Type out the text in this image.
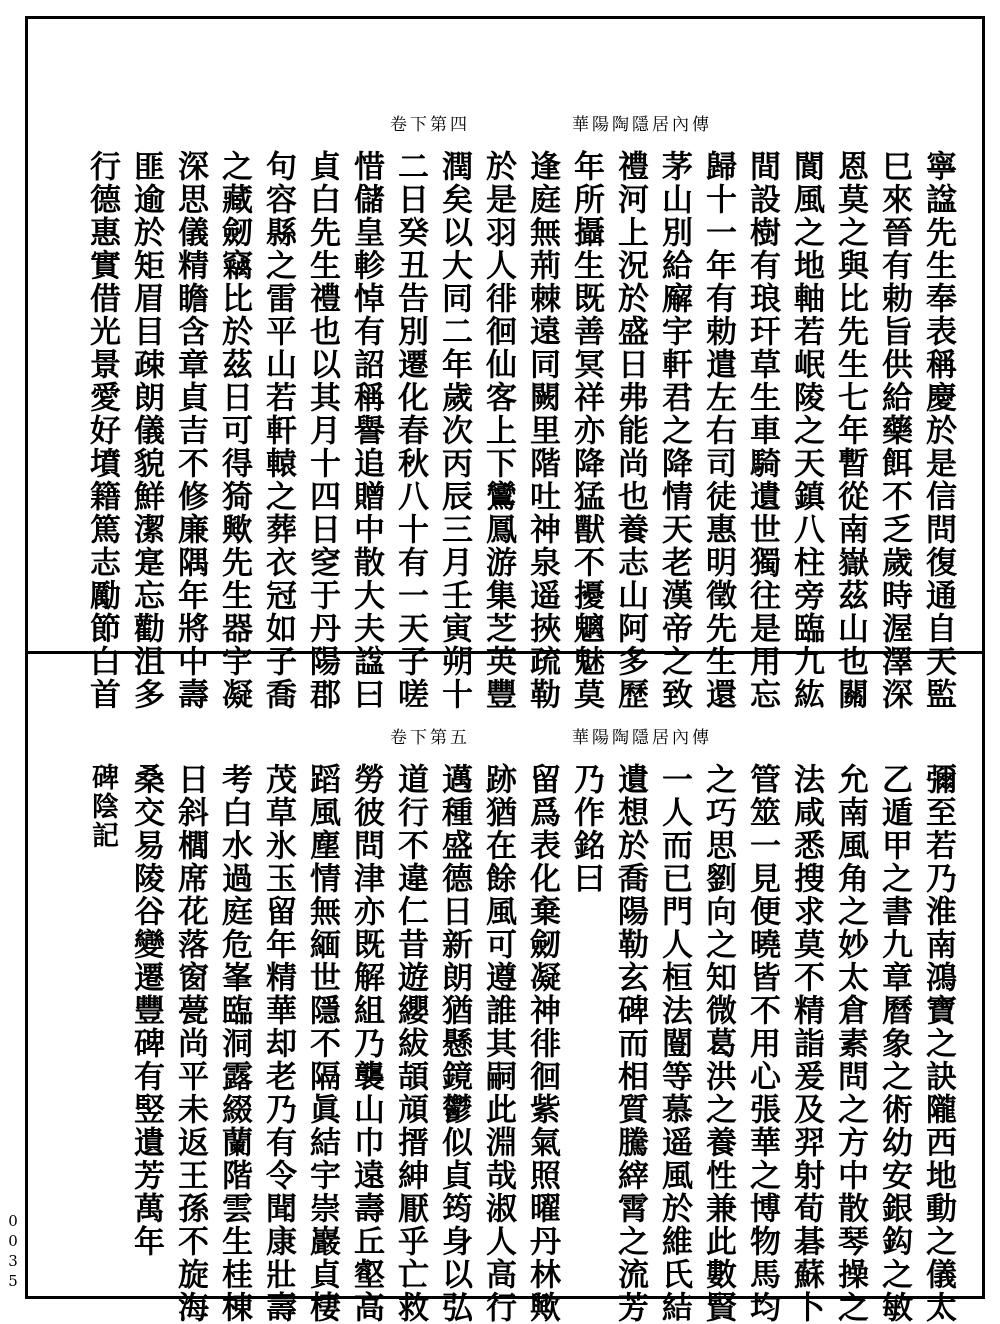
華陽陶隱居內傳
卷下第四
寧諡先生奉表稱慶於是信問復通自天監
巳來晉有勅旨供給藥餌不乏歲時渥澤深
恩莫之與比先生七年暫從南嶽茲山也關
閬風之地軸若岷陵之天鎮八柱旁臨九紘
間設樹有琅玕草生車騎遺世獨往是用忘
歸十一年有勅遣左右司徒惠明徵先生還
茅山別給廨宇軒君之降情天老漢帝之致
禮河上況於盛日弗能尚也養志山阿多歷
年所攝生既善冥祥亦降猛獸不擾魑魅莫
逢庭無荊棘遠同闕里階吐神泉遥挾疏勒
於是羽人徘徊仙客上下鸞鳳游集芝英豐
潤矣以大同二年歲次丙辰三月壬寅朔十
二日癸丑告別遷化春秋八十有一天子嗟
惜儲皇軫悼有詔稱譽追贈中散大夫諡曰
貞白先生禮也以其月十四日窆于丹陽郡
句容縣之雷平山若軒轅之葬衣冠如子喬
之藏劒竊比於茲日可得猗歟先生器宇凝
深思儀精瞻含章貞吉不修廉隅年將中壽
匪逾於矩眉目疎朗儀貌鮮潔寔忘勸沮多
行德惠實借光景愛好墳籍篤志勵節白首
華陽陶隱居內傳
卷下第五
彌至若乃淮南鴻寶之訣隴西地動之儀太
乙遁甲之書九章曆象之術幼安銀鈎之敏
允南風角之妙太倉素問之方中散琴操之
法咸悉搜求莫不精詣爰及羿射荀碁蘇卜
管筮一見便曉皆不用心張華之博物馬均
之巧思劉向之知微葛洪之養性兼此數賢
一人而已門人桓法闓等慕遥風於維氏結
遺想於喬陽勒玄碑而相質騰縡霄之流芳
乃作銘曰
留爲表化棄劒凝神徘徊紫氣照曜丹林歟
跡猶在餘風可遵誰其嗣此淵哉淑人高行
邁種盛德日新朗猶懸鏡鬱似貞筠身以弘
道行不違仁昔遊纓紱頡頏搢紳厭乎亡救
勞彼問津亦既解組乃襲山巾遠壽丘壑高
蹈風塵情無緬世隱不隔眞結宇崇巖貞棲
茂草氷玉留年精華却老乃有令聞康壯壽
考白水過庭危峯臨洞露綴蘭階雲生桂棟
日斜櫚席花落窗甍尚平未返王孫不旋海
桑交易陵谷變遷豐碑有竪遺芳萬年
碑陰記
0035
